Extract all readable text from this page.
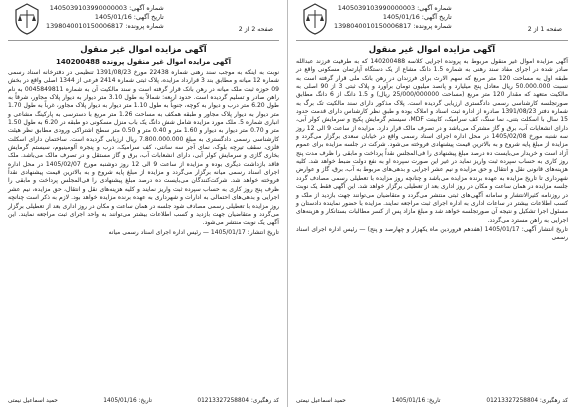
شماره آگهی: 1405039103990000003
تاریخ آگهی: 1405/01/16
شماره پرونده: 1398040010150006817	صفحه 2 از 2
آگهی مزایده اموال غیر منقول
آگهی مزایده اموال غیر منقول پرونده 140200488
نوبت به اینکه به موجب سند رهنی شماره 22438 مورخ 1391/08/23 تنظیمی در دفترخانه اسناد رسمی شماره 12 میانه و مطابق بند 3 قرارداد مزایده، پلاک ثبتی شماره 2414 فرعی از 1344 اصلی واقع در بخش 09 حوزه ثبت ملک میانه در رهن بانک قرار گرفته است و سند مالکیت آن به شماره 0045849811 به نام راهن صادر و تسلیم گردیده است. حدود اربعه: شمالاً به طول 3.10 متر دیوار به دیوار پلاک مجاور، شرقاً به طول 6.20 متر درب و دیوار به کوچه، جنوباً به طول 1.10 متر دیوار به دیوار پلاک مجاور، غرباً به طول 1.70 متر دیوار به دیوار پلاک مجاور و طبقه همکف به مساحت 1.26 متر مربع با دسترسی به پارکینگ مشاعی و انباری شماره 5. ملک مورد مزایده شامل شش دانگ یک باب منزل مسکونی دو طبقه در 6.20 به طول 1.50 متر و 0.70 متر دیوار به دیوار و 1.60 متر و 0.40 متر و 0.50 متر سطح اشتراکی ورودی مطابق نظر هیئت کارشناسی رسمی دادگستری به مبلغ 7.800.000.000 ریال ارزیابی گردیده است. ساختمان دارای اسکلت فلزی، سقف تیرچه بلوک، نمای آجر سه سانتی، کف سرامیک، درب و پنجره آلومینیوم، سیستم گرمایش بخاری گازی و سرمایش کولر آبی، دارای انشعابات آب، برق و گاز مستقل و در تصرف مالک می‌باشد. ملک فاقد بازداشت دیگری بوده و مزایده از ساعت 9 الی 12 روز دوشنبه مورخ 1405/02/07 در محل اداره اجرای اسناد رسمی میانه برگزار می‌گردد و مزایده از مبلغ پایه شروع و به بالاترین قیمت پیشنهادی نقداً فروخته خواهد شد. شرکت‌کنندگان می‌بایست ده درصد مبلغ پیشنهادی را فی‌المجلس پرداخت و مابقی را ظرف پنج روز کاری به حساب سپرده ثبت واریز نمایند و کلیه هزینه‌های نقل و انتقال، حق مزایده، نیم عشر اجرایی و بدهی‌های احتمالی به ادارات و شهرداری به عهده برنده مزایده خواهد بود. لازم به ذکر است چنانچه روز مزایده با تعطیلی رسمی مصادف شود جلسه در همان ساعت و مکان در روز اداری بعد از تعطیلی برگزار می‌گردد و متقاضیان جهت بازدید و کسب اطلاعات بیشتر می‌توانند به واحد اجرای ثبت مراجعه نمایند. این آگهی یک نوبت منتشر می‌شود.
تاریخ انتشار: 1405/01/17 — رئیس اداره اجرای اسناد رسمی میانه
کد رهگیری: 01213327258804
تاریخ: 1405/01/16
حمید اسماعیل نیمتی
شماره آگهی: 1405039103990000003
تاریخ آگهی: 1405/01/16
شماره پرونده: 1398040010150006817	صفحه 1 از 2
آگهی مزایده اموال غیر منقول
آگهی مزایده اموال غیر منقول مربوط به پرونده اجرایی کلاسه 140200488 که به طرفیت فرزند عبدالله صادر شده در اجرای مفاد سند رهنی به شماره 1.5 دانگ مشاع از یک دستگاه آپارتمان مسکونی واقع در طبقه اول به مساحت 120 متر مربع که سهم الارث برای فرزندان در رهن بانک ملی قرار گرفته است به نسبت 50.000.000 ریال معادل پنج میلیارد و پانصد میلیون تومان برآورد و پلاک ثبتی 3 از 90 اصلی به مالکیت متعهد که مقدار 120 متر مربع (مساحت 25/000/000000 ریال) و 1.5 دانگ از 6 دانگ مطابق صورتجلسه کارشناسی رسمی دادگستری ارزیابی گردیده است. پلاک مذکور دارای سند مالکیت تک برگ به شماره دفتر 1391/08/23 صادره از اداره ثبت اسناد و املاک بوده و طبق نظر کارشناس دارای قدمت حدود 15 سال با اسکلت بتنی، نما سنگ، کف سرامیک، کابینت MDF، سیستم گرمایش پکیج و سرمایش کولر آبی، دارای انشعابات آب، برق و گاز مشترک می‌باشد و در تصرف مالک قرار دارد. مزایده از ساعت 9 الی 12 روز سه شنبه مورخ 1405/02/08 در محل اداره اجرای اسناد رسمی واقع در خیابان سعدی برگزار می‌گردد و مزایده از مبلغ پایه شروع و به بالاترین قیمت پیشنهادی فروخته می‌شود. شرکت در جلسه مزایده برای عموم آزاد است و خریدار می‌بایست ده درصد مبلغ پیشنهادی را فی‌المجلس نقداً پرداخت و مابقی را ظرف مدت پنج روز کاری به حساب سپرده ثبت واریز نماید در غیر این صورت سپرده او به نفع دولت ضبط خواهد شد. کلیه هزینه‌های قانونی نقل و انتقال و حق مزایده و نیم عشر اجرایی و بدهی‌های مربوط به آب، برق، گاز و عوارض شهرداری تا تاریخ مزایده به عهده برنده مزایده می‌باشد و چنانچه روز مزایده با تعطیلی رسمی مصادف گردد جلسه مزایده در همان ساعت و مکان در روز اداری بعد از تعطیلی برگزار خواهد شد. این آگهی فقط یک نوبت در روزنامه کثیرالانتشار و سامانه آگهی‌های ثبتی منتشر می‌گردد و متقاضیان می‌توانند جهت بازدید از ملک و کسب اطلاعات بیشتر در ساعات اداری به اداره اجرای ثبت مراجعه نمایند. مزایده با حضور نماینده دادستان و مسئول اجرا تشکیل و نتیجه آن صورتجلسه خواهد شد و مبلغ مازاد پس از کسر مطالبات بستانکار و هزینه‌های اجرایی به راهن مسترد می‌گردد.
تاریخ انتشار آگهی: 1405/01/17 (هفدهم فروردین ماه یکهزار و چهارصد و پنج) — رئیس اداره اجرای اسناد رسمی
کد رهگیری: 01213327258804
تاریخ: 1405/01/16
حمید اسماعیل نیمتی
